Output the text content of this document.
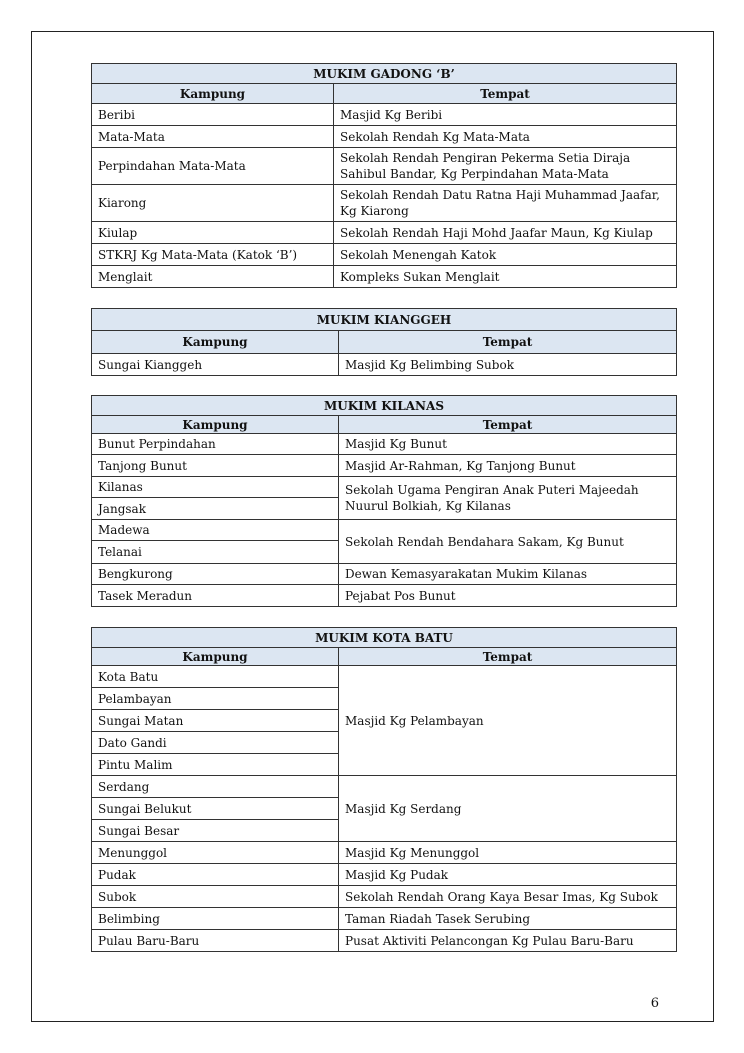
MUKIM GADONG ‘B’	
Kampung	Tempat
Beribi	Masjid Kg Beribi
Mata-Mata	Sekolah Rendah Kg Mata-Mata
Perpindahan Mata-Mata	Sekolah Rendah Pengiran Pekerma Setia Diraja Sahibul Bandar, Kg Perpindahan Mata-Mata
Kiarong	Sekolah Rendah Datu Ratna Haji Muhammad Jaafar, Kg Kiarong
Kiulap	Sekolah Rendah Haji Mohd Jaafar Maun, Kg Kiulap
STKRJ Kg Mata-Mata (Katok ‘B’)	Sekolah Menengah Katok
Menglait	Kompleks Sukan Menglait
MUKIM KIANGGEH	
Kampung	Tempat
Sungai Kianggeh	Masjid Kg Belimbing Subok
MUKIM KILANAS	
Kampung	Tempat
Bunut Perpindahan	Masjid Kg Bunut
Tanjong Bunut	Masjid Ar-Rahman, Kg Tanjong Bunut
Kilanas	Sekolah Ugama Pengiran Anak Puteri Majeedah Nuurul Bolkiah, Kg Kilanas
Jangsak	
Madewa	Sekolah Rendah Bendahara Sakam, Kg Bunut
Telanai	
Bengkurong	Dewan Kemasyarakatan Mukim Kilanas
Tasek Meradun	Pejabat Pos Bunut
MUKIM KOTA BATU	
Kampung	Tempat
Kota Batu	Masjid Kg Pelambayan
Pelambayan	
Sungai Matan	
Dato Gandi	
Pintu Malim	
Serdang	Masjid Kg Serdang
Sungai Belukut	
Sungai Besar	
Menunggol	Masjid Kg Menunggol
Pudak	Masjid Kg Pudak
Subok	Sekolah Rendah Orang Kaya Besar Imas, Kg Subok
Belimbing	Taman Riadah Tasek Serubing
Pulau Baru-Baru	Pusat Aktiviti Pelancongan Kg Pulau Baru-Baru
6
